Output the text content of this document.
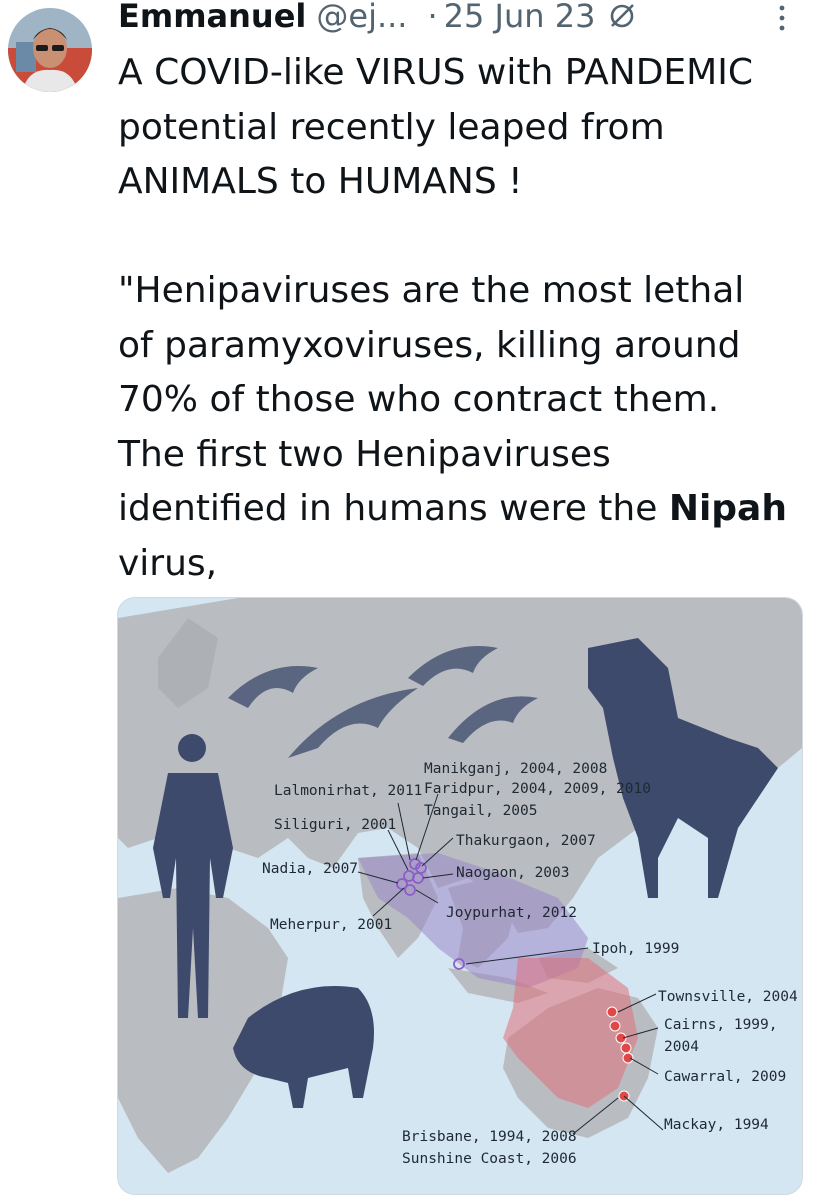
Emmanuel @ej... · 25 Jun 23

A COVID-like VIRUS with PANDEMIC

potential recently leaped from

ANIMALS to HUMANS !

"Henipaviruses are the most lethal

of paramyxoviruses, killing around

70% of those who contract them.

The first two Henipaviruses

identified in humans were the Nipah

virus,

Lalmonirhat, 2011
Manikganj, 2004, 2008
Faridpur, 2004, 2009, 2010
Tangail, 2005
Siliguri, 2001
Thakurgaon, 2007
Nadia, 2007	Naogaon, 2003
Joypurhat, 2012
Meherpur, 2001
Ipoh, 1999
Townsville, 2004
Cairns, 1999,
2004
Cawarral, 2009
Mackay, 1994
Brisbane, 1994, 2008
Sunshine Coast, 2006
